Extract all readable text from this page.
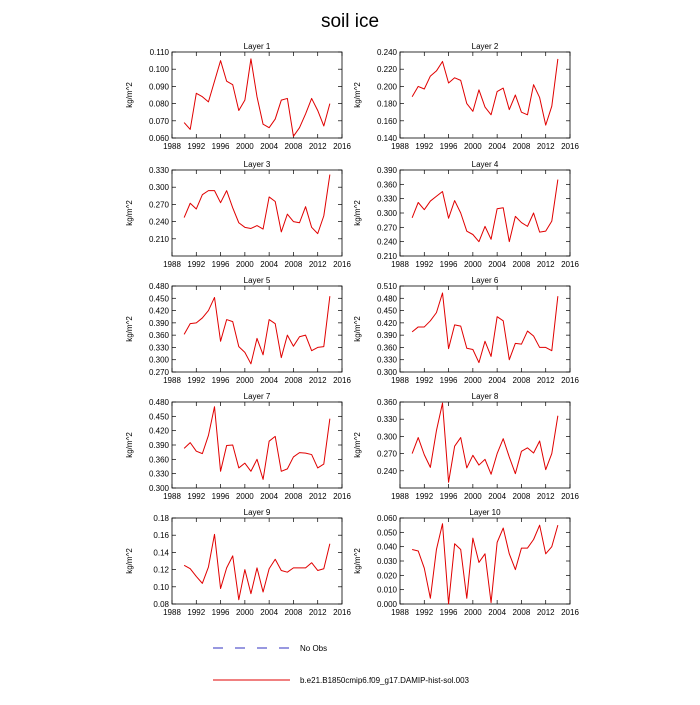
soil ice
Layer 1
kg/m^2
1988 1992 1996 2000 2004 2008 2012 2016
0.060
0.070
0.080
0.090
0.100
0.110
Layer 2
kg/m^2
1988 1992 1996 2000 2004 2008 2012 2016
0.140
0.160
0.180
0.200
0.220
0.240
Layer 3
kg/m^2
1988 1992 1996 2000 2004 2008 2012 2016
0.210
0.240
0.270
0.300
0.330
Layer 4
kg/m^2
1988 1992 1996 2000 2004 2008 2012 2016
0.210
0.240
0.270
0.300
0.330
0.360
0.390
Layer 5
kg/m^2
1988 1992 1996 2000 2004 2008 2012 2016
0.270
0.300
0.330
0.360
0.390
0.420
0.450
0.480
Layer 6
kg/m^2
1988 1992 1996 2000 2004 2008 2012 2016
0.300
0.330
0.360
0.390
0.420
0.450
0.480
0.510
Layer 7
kg/m^2
1988 1992 1996 2000 2004 2008 2012 2016
0.300
0.330
0.360
0.390
0.420
0.450
0.480
Layer 8
kg/m^2
1988 1992 1996 2000 2004 2008 2012 2016
0.240
0.270
0.300
0.330
0.360
Layer 9
kg/m^2
1988 1992 1996 2000 2004 2008 2012 2016
0.08
0.10
0.12
0.14
0.16
0.18
Layer 10
kg/m^2
1988 1992 1996 2000 2004 2008 2012 2016
0.000
0.010
0.020
0.030
0.040
0.050
0.060
No Obs
b.e21.B1850cmip6.f09_g17.DAMIP-hist-sol.003
